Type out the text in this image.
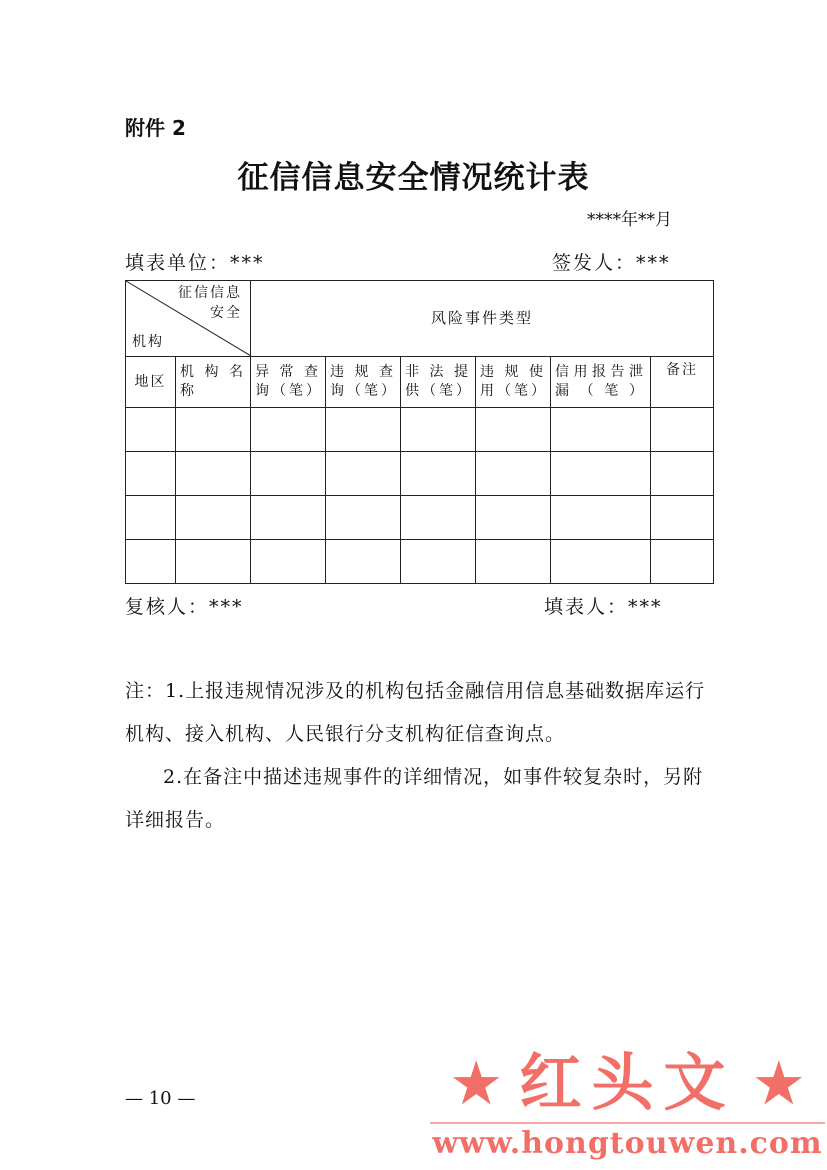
附件 2
征信信息安全情况统计表
****年**月
填表单位：***	签发人：***
征信信息
安全
机构		风险事件类型					
地区	机构名称	异常查询（笔）	违规查询（笔）	非法提供（笔）	违规使用（笔）	信用报告泄漏（笔）	备注

复核人：***	填表人：***

注：1.上报违规情况涉及的机构包括金融信用信息基础数据库运行机构、接入机构、人民银行分支机构征信查询点。

2.在备注中描述违规事件的详细情况，如事件较复杂时，另附详细报告。

— 10 —	★ 红头文 ★
www.hongtouwen.com
